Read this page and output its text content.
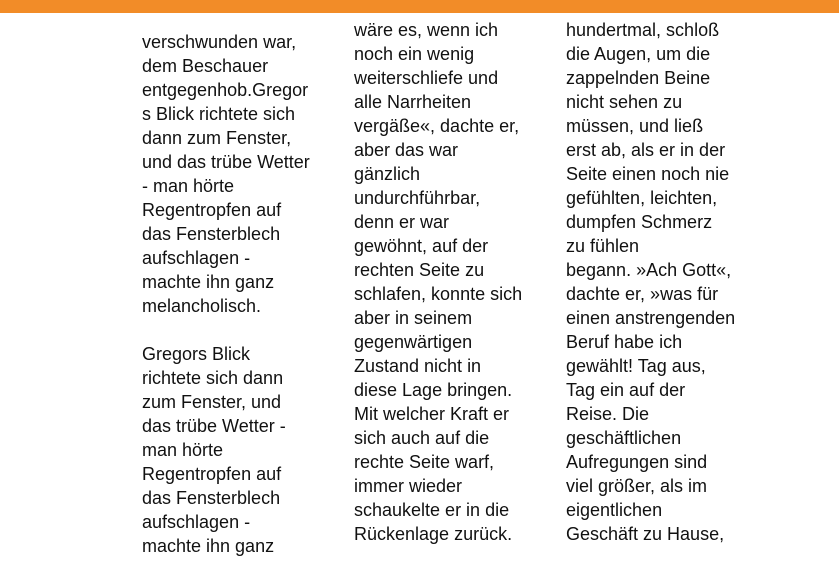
verschwunden war,
dem Beschauer
entgegenhob.Gregor
s Blick richtete sich
dann zum Fenster,
und das trübe Wetter
- man hörte
Regentropfen auf
das Fensterblech
aufschlagen -
machte ihn ganz
melancholisch.
Gregors Blick
richtete sich dann
zum Fenster, und
das trübe Wetter -
man hörte
Regentropfen auf
das Fensterblech
aufschlagen -
machte ihn ganz
wäre es, wenn ich
noch ein wenig
weiterschliefe und
alle Narrheiten
vergäße«, dachte er,
aber das war
gänzlich
undurchführbar,
denn er war
gewöhnt, auf der
rechten Seite zu
schlafen, konnte sich
aber in seinem
gegenwärtigen
Zustand nicht in
diese Lage bringen.
Mit welcher Kraft er
sich auch auf die
rechte Seite warf,
immer wieder
schaukelte er in die
Rückenlage zurück.
hundertmal, schloß
die Augen, um die
zappelnden Beine
nicht sehen zu
müssen, und ließ
erst ab, als er in der
Seite einen noch nie
gefühlten, leichten,
dumpfen Schmerz
zu fühlen
begann. »Ach Gott«,
dachte er, »was für
einen anstrengenden
Beruf habe ich
gewählt! Tag aus,
Tag ein auf der
Reise. Die
geschäftlichen
Aufregungen sind
viel größer, als im
eigentlichen
Geschäft zu Hause,
